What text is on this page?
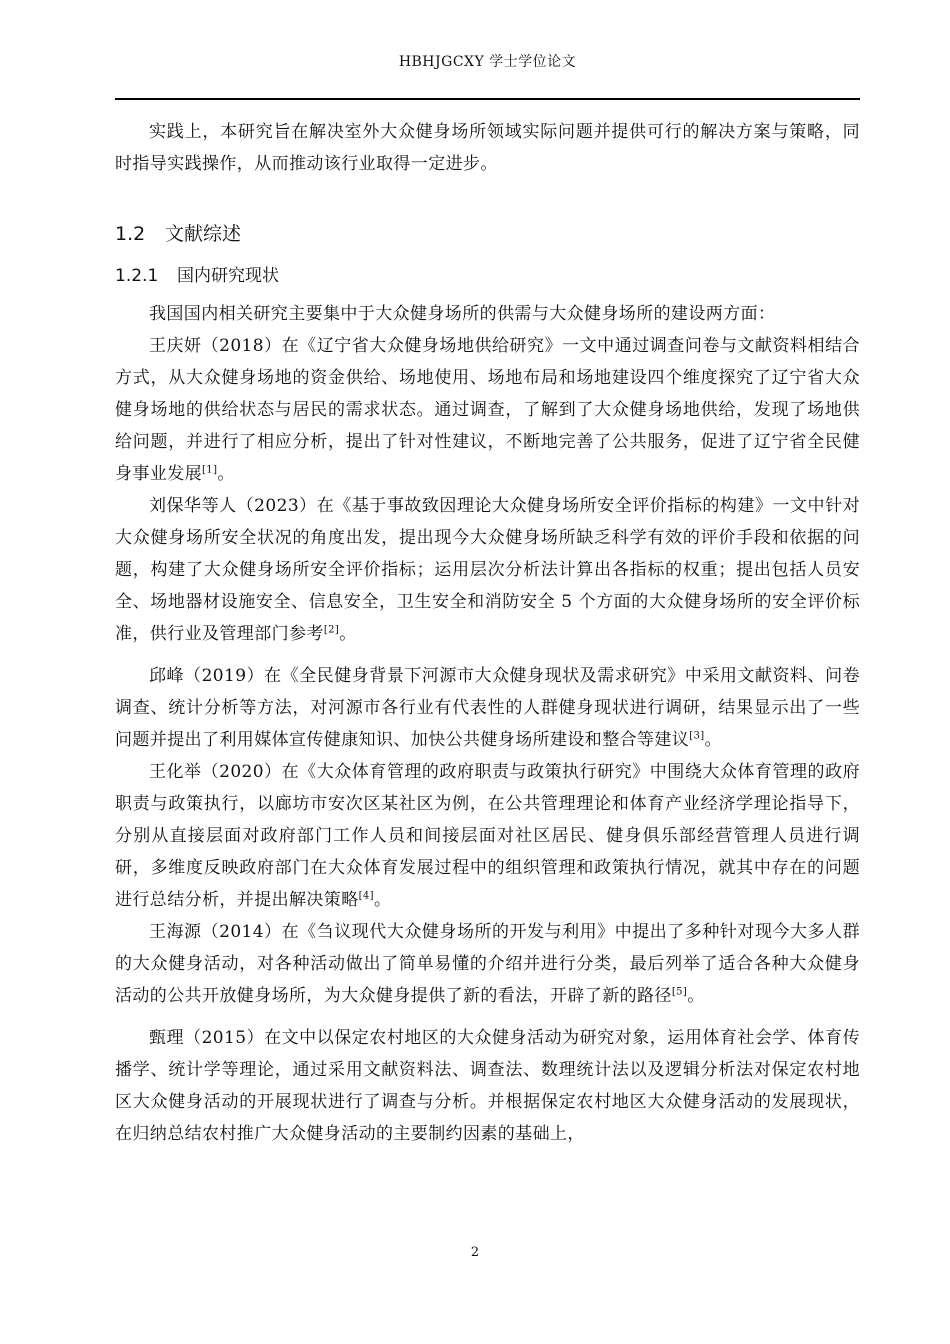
HBHJGCXY 学士学位论文

实践上，本研究旨在解决室外大众健身场所领域实际问题并提供可行的解决方案与策略，同时指导实践操作，从而推动该行业取得一定进步。

1.2 文献综述
1.2.1 国内研究现状

我国国内相关研究主要集中于大众健身场所的供需与大众健身场所的建设两方面：

王庆妍（2018）在《辽宁省大众健身场地供给研究》一文中通过调查问卷与文献资料相结合方式，从大众健身场地的资金供给、场地使用、场地布局和场地建设四个维度探究了辽宁省大众健身场地的供给状态与居民的需求状态。通过调查，了解到了大众健身场地供给，发现了场地供给问题，并进行了相应分析，提出了针对性建议，不断地完善了公共服务，促进了辽宁省全民健身事业发展[1]。

刘保华等人（2023）在《基于事故致因理论大众健身场所安全评价指标的构建》一文中针对大众健身场所安全状况的角度出发，提出现今大众健身场所缺乏科学有效的评价手段和依据的问题，构建了大众健身场所安全评价指标；运用层次分析法计算出各指标的权重；提出包括人员安全、场地器材设施安全、信息安全，卫生安全和消防安全 5 个方面的大众健身场所的安全评价标准，供行业及管理部门参考[2]。

邱峰（2019）在《全民健身背景下河源市大众健身现状及需求研究》中采用文献资料、问卷调查、统计分析等方法，对河源市各行业有代表性的人群健身现状进行调研，结果显示出了一些问题并提出了利用媒体宣传健康知识、加快公共健身场所建设和整合等建议[3]。

王化举（2020）在《大众体育管理的政府职责与政策执行研究》中围绕大众体育管理的政府职责与政策执行，以廊坊市安次区某社区为例，在公共管理理论和体育产业经济学理论指导下，分别从直接层面对政府部门工作人员和间接层面对社区居民、健身俱乐部经营管理人员进行调研，多维度反映政府部门在大众体育发展过程中的组织管理和政策执行情况，就其中存在的问题进行总结分析，并提出解决策略[4]。

王海源（2014）在《刍议现代大众健身场所的开发与利用》中提出了多种针对现今大多人群的大众健身活动，对各种活动做出了简单易懂的介绍并进行分类，最后列举了适合各种大众健身活动的公共开放健身场所，为大众健身提供了新的看法，开辟了新的路径[5]。

甄理（2015）在文中以保定农村地区的大众健身活动为研究对象，运用体育社会学、体育传播学、统计学等理论，通过采用文献资料法、调查法、数理统计法以及逻辑分析法对保定农村地区大众健身活动的开展现状进行了调查与分析。并根据保定农村地区大众健身活动的发展现状，在归纳总结农村推广大众健身活动的主要制约因素的基础上，

2
